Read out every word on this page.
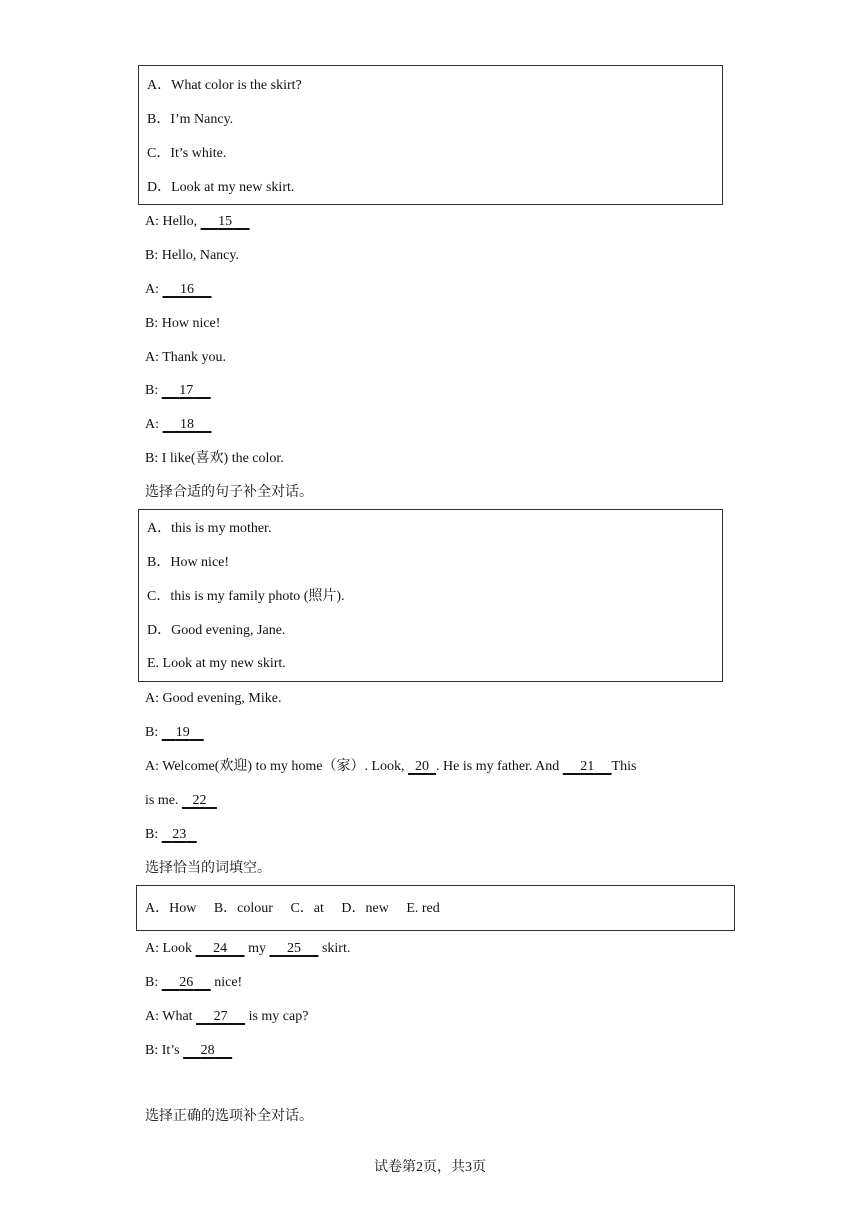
A．What color is the skirt?
B．I’m Nancy.
C．It’s white.
D．Look at my new skirt.
A: Hello,      15
B: Hello, Nancy.
A:      16
B: How nice!
A: Thank you.
B:      17
A:      18
B: I like(喜欢) the color.
选择合适的句子补全对话。
A．this is my mother.
B．How nice!
C．this is my family photo (照片).
D．Good evening, Jane.
E. Look at my new skirt.
A: Good evening, Mike.
B:     19
A: Welcome(欢迎) to my home（家）. Look,   20 . He is my father. And      21 This
is me.    22
B:    23
选择恰当的词填空。
A．How B．colour C．at D．new E. red
A: Look      24      my      25      skirt.
B:      26      nice!
A: What      27      is my cap?
B: It’s      28
选择正确的选项补全对话。
试卷第2页，共3页
